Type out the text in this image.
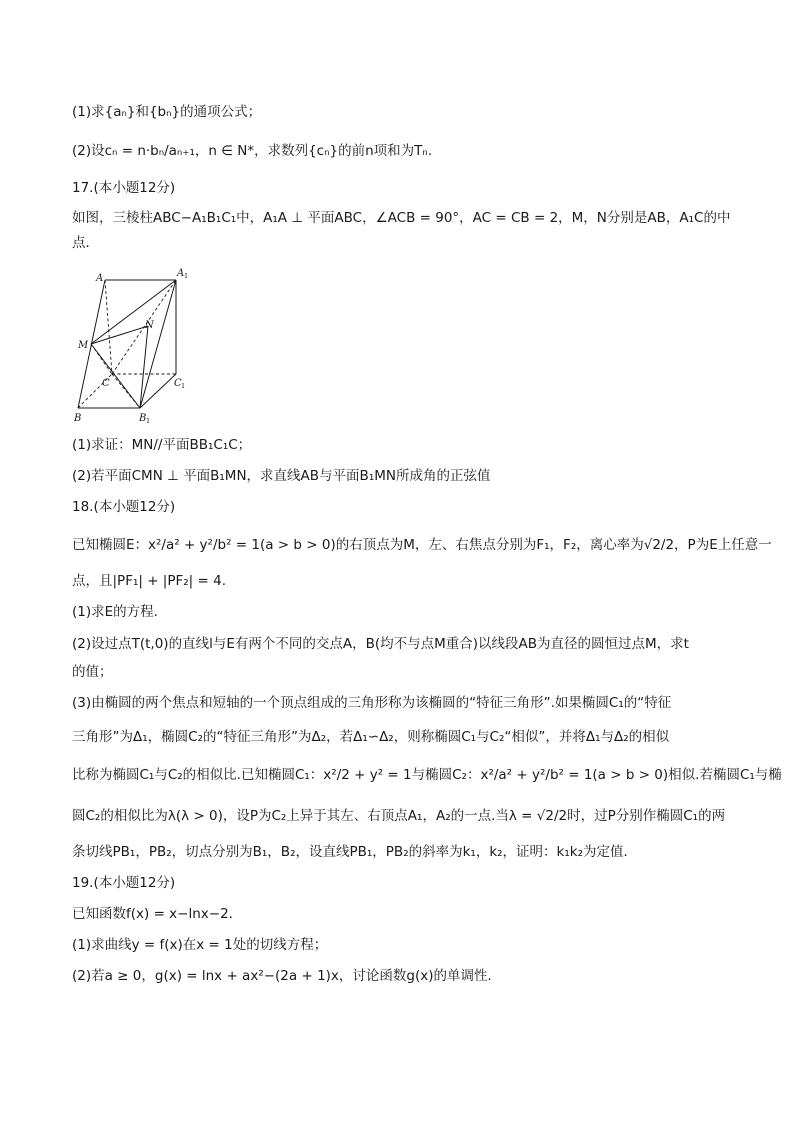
(1)求{aₙ}和{bₙ}的通项公式；
(2)设cₙ = n·bₙ/aₙ₊₁，n ∈ N*，求数列{cₙ}的前n项和为Tₙ.
17.(本小题12分)
如图，三棱柱ABC−A₁B₁C₁中，A₁A ⊥ 平面ABC，∠ACB = 90°，AC = CB = 2，M，N分别是AB，A₁C的中
点．
A	A 1
M
N
C	C 1
B	B 1
(1)求证：MN//平面BB₁C₁C；
(2)若平面CMN ⊥ 平面B₁MN，求直线AB与平面B₁MN所成角的正弦值
18.(本小题12分)
已知椭圆E：x²/a² + y²/b² = 1(a > b > 0)的右顶点为M，左、右焦点分别为F₁，F₂，离心率为√2/2，P为E上任意一
点，且|PF₁| + |PF₂| = 4.
(1)求E的方程．
(2)设过点T(t,0)的直线l与E有两个不同的交点A，B(均不与点M重合)以线段AB为直径的圆恒过点M，求t
的值；
(3)由椭圆的两个焦点和短轴的一个顶点组成的三角形称为该椭圆的“特征三角形”.如果椭圆C₁的“特征
三角形”为Δ₁，椭圆C₂的“特征三角形”为Δ₂，若Δ₁∽Δ₂，则称椭圆C₁与C₂“相似”，并将Δ₁与Δ₂的相似
比称为椭圆C₁与C₂的相似比.已知椭圆C₁：x²/2 + y² = 1与椭圆C₂：x²/a² + y²/b² = 1(a > b > 0)相似.若椭圆C₁与椭
圆C₂的相似比为λ(λ > 0)，设P为C₂上异于其左、右顶点A₁，A₂的一点.当λ = √2/2时，过P分别作椭圆C₁的两
条切线PB₁，PB₂，切点分别为B₁，B₂，设直线PB₁，PB₂的斜率为k₁，k₂，证明：k₁k₂为定值．
19.(本小题12分)
已知函数f(x) = x−lnx−2．
(1)求曲线y = f(x)在x = 1处的切线方程；
(2)若a ≥ 0，g(x) = lnx + ax²−(2a + 1)x，讨论函数g(x)的单调性．
